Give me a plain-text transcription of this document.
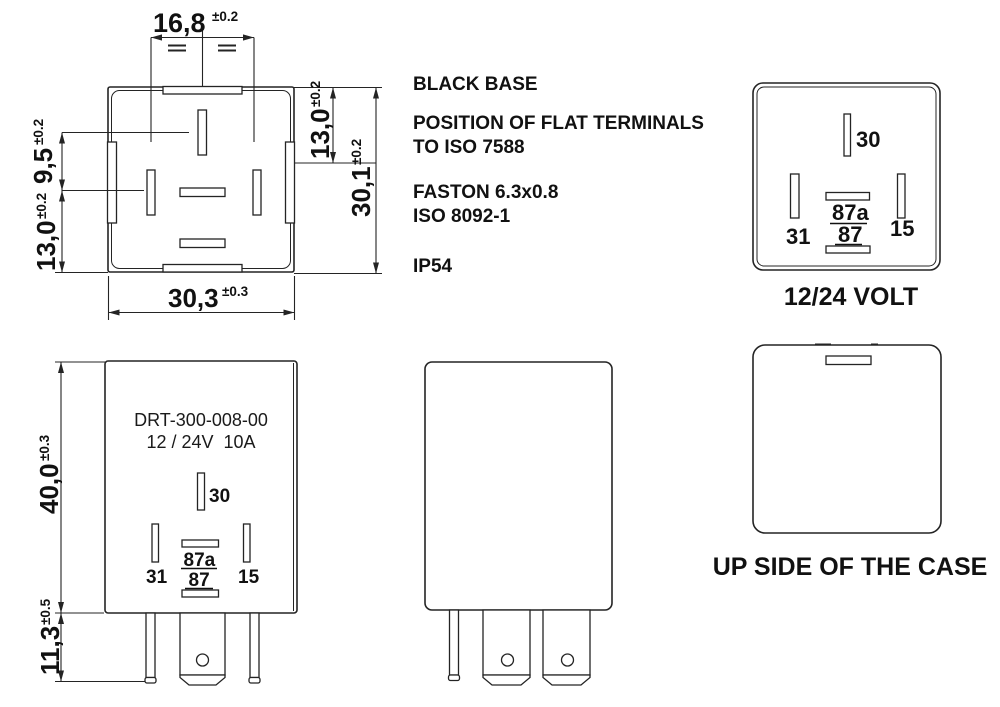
16,8 ±0.2
9,5
±0.2
13,0
±0.2
30,3 ±0.3
13,0
±0.2
30,1
±0.2
BLACK BASE
POSITION OF FLAT TERMINALS
TO ISO 7588
FASTON 6.3x0.8
ISO 8092-1
IP54
30
31	15
87a
87
12/24 VOLT
DRT-300-008-00
12 / 24V  10A
30
31	15
87a
87
40,0
±0.3
11,3
±0.5
UP SIDE OF THE CASE
